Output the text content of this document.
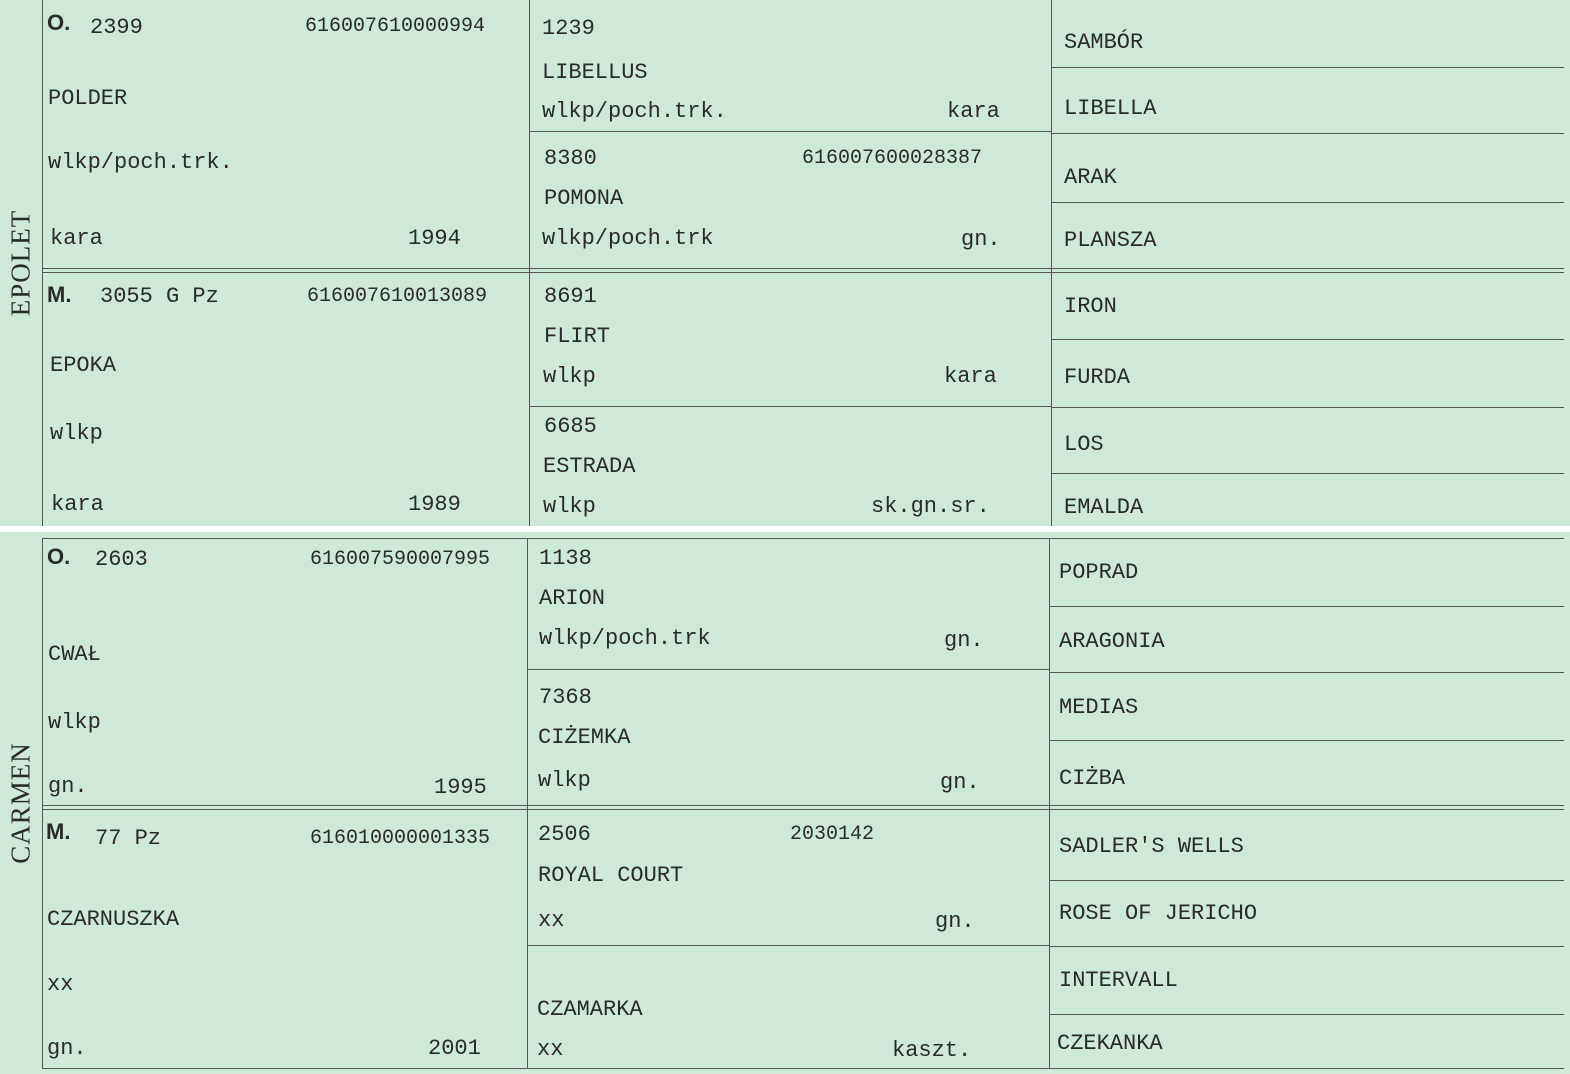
EPOLET
O. 2399	616007610000994
POLDER
wlkp/poch.trk.
kara	1994
1239
LIBELLUS
wlkp/poch.trk.	kara
8380	616007600028387
POMONA
wlkp/poch.trk	gn.
SAMBÓR
LIBELLA
ARAK
PLANSZA
M. 3055 G Pz	616007610013089
EPOKA
wlkp
kara	1989
8691
FLIRT
wlkp	kara
6685
ESTRADA
wlkp	sk.gn.sr.
IRON
FURDA
LOS
EMALDA
CARMEN
O. 2603	616007590007995
CWAŁ
wlkp
gn.	1995
1138
ARION
wlkp/poch.trk	gn.
7368
CIŻEMKA
wlkp	gn.
POPRAD
ARAGONIA
MEDIAS
CIŻBA
M. 77 Pz	616010000001335
CZARNUSZKA
xx
gn.	2001
2506	2030142
ROYAL COURT
xx	gn.
CZAMARKA
xx	kaszt.
SADLER'S WELLS
ROSE OF JERICHO
INTERVALL
CZEKANKA
